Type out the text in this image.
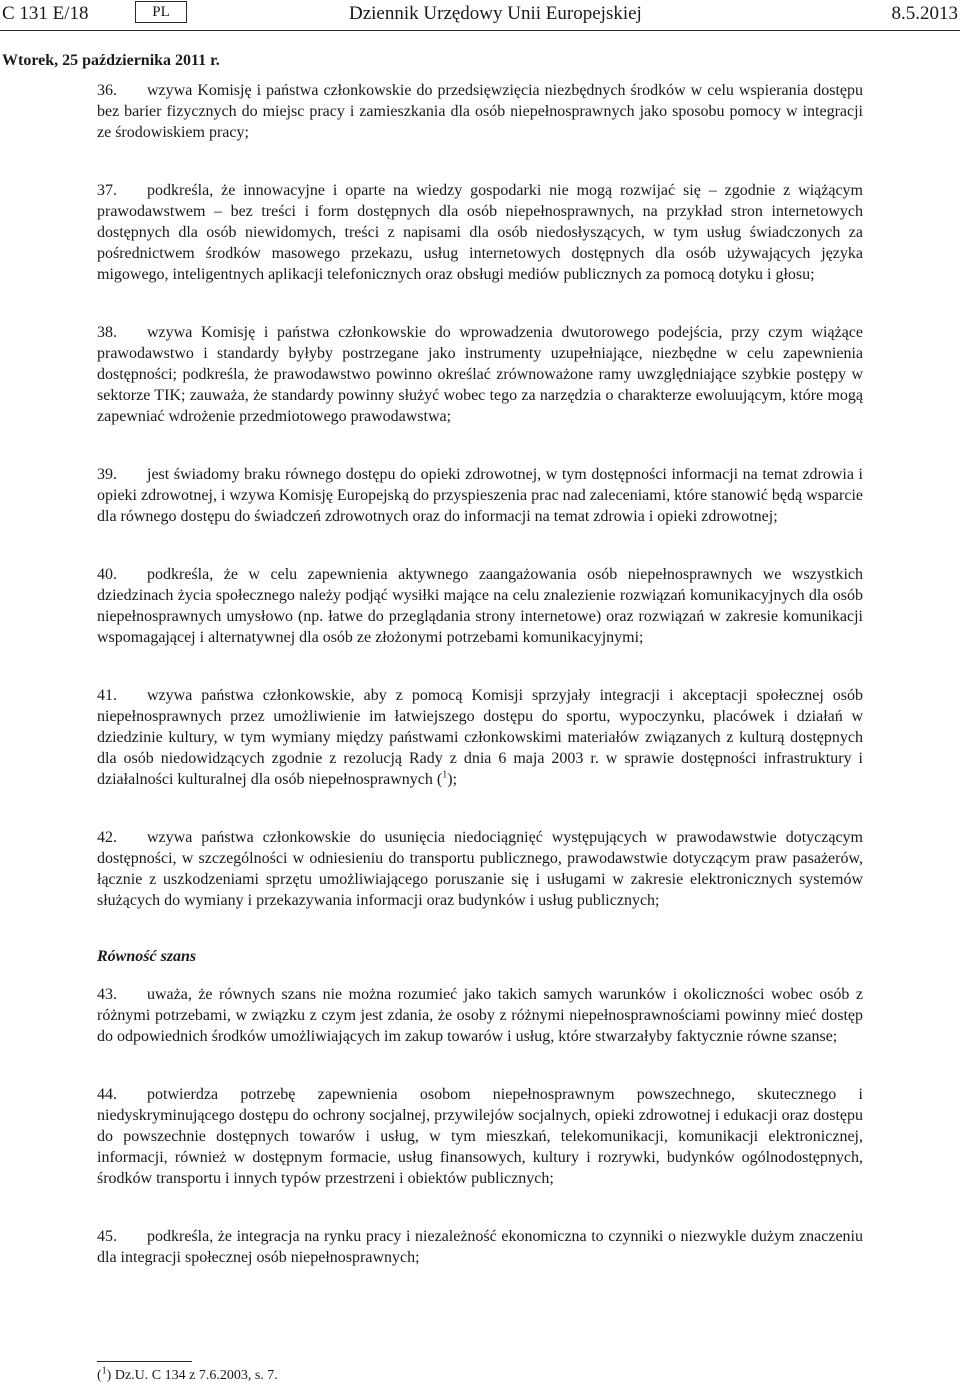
C 131 E/18	PL	Dziennik Urzędowy Unii Europejskiej	8.5.2013
Wtorek, 25 października 2011 r.

36. wzywa Komisję i państwa członkowskie do przedsięwzięcia niezbędnych środków w celu wspierania dostępu bez barier fizycznych do miejsc pracy i zamieszkania dla osób niepełnosprawnych jako sposobu pomocy w integracji ze środowiskiem pracy;

37. podkreśla, że innowacyjne i oparte na wiedzy gospodarki nie mogą rozwijać się – zgodnie z wiążącym prawodawstwem – bez treści i form dostępnych dla osób niepełnosprawnych, na przykład stron internetowych dostępnych dla osób niewidomych, treści z napisami dla osób niedosłyszących, w tym usług świadczonych za pośrednictwem środków masowego przekazu, usług internetowych dostępnych dla osób używających języka migowego, inteligentnych aplikacji telefonicznych oraz obsługi mediów publicznych za pomocą dotyku i głosu;

38. wzywa Komisję i państwa członkowskie do wprowadzenia dwutorowego podejścia, przy czym wiążące prawodawstwo i standardy byłyby postrzegane jako instrumenty uzupełniające, niezbędne w celu zapewnienia dostępności; podkreśla, że prawodawstwo powinno określać zrównoważone ramy uwzględniające szybkie postępy w sektorze TIK; zauważa, że standardy powinny służyć wobec tego za narzędzia o charakterze ewoluującym, które mogą zapewniać wdrożenie przedmiotowego prawodawstwa;

39. jest świadomy braku równego dostępu do opieki zdrowotnej, w tym dostępności informacji na temat zdrowia i opieki zdrowotnej, i wzywa Komisję Europejską do przyspieszenia prac nad zaleceniami, które stanowić będą wsparcie dla równego dostępu do świadczeń zdrowotnych oraz do informacji na temat zdrowia i opieki zdrowotnej;

40. podkreśla, że w celu zapewnienia aktywnego zaangażowania osób niepełnosprawnych we wszystkich dziedzinach życia społecznego należy podjąć wysiłki mające na celu znalezienie rozwiązań komunikacyjnych dla osób niepełnosprawnych umysłowo (np. łatwe do przeglądania strony internetowe) oraz rozwiązań w zakresie komunikacji wspomagającej i alternatywnej dla osób ze złożonymi potrzebami komunikacyjnymi;

41. wzywa państwa członkowskie, aby z pomocą Komisji sprzyjały integracji i akceptacji społecznej osób niepełnosprawnych przez umożliwienie im łatwiejszego dostępu do sportu, wypoczynku, placówek i działań w dziedzinie kultury, w tym wymiany między państwami członkowskimi materiałów związanych z kulturą dostępnych dla osób niedowidzących zgodnie z rezolucją Rady z dnia 6 maja 2003 r. w sprawie dostępności infrastruktury i działalności kulturalnej dla osób niepełnosprawnych ($^1$);

42. wzywa państwa członkowskie do usunięcia niedociągnięć występujących w prawodawstwie dotyczącym dostępności, w szczególności w odniesieniu do transportu publicznego, prawodawstwie dotyczącym praw pasażerów, łącznie z uszkodzeniami sprzętu umożliwiającego poruszanie się i usługami w zakresie elektronicznych systemów służących do wymiany i przekazywania informacji oraz budynków i usług publicznych;

Równość szans

43. uważa, że równych szans nie można rozumieć jako takich samych warunków i okoliczności wobec osób z różnymi potrzebami, w związku z czym jest zdania, że osoby z różnymi niepełnosprawnościami powinny mieć dostęp do odpowiednich środków umożliwiających im zakup towarów i usług, które stwarzałyby faktycznie równe szanse;

44. potwierdza potrzebę zapewnienia osobom niepełnosprawnym powszechnego, skutecznego i niedyskryminującego dostępu do ochrony socjalnej, przywilejów socjalnych, opieki zdrowotnej i edukacji oraz dostępu do powszechnie dostępnych towarów i usług, w tym mieszkań, telekomunikacji, komunikacji elektronicznej, informacji, również w dostępnym formacie, usług finansowych, kultury i rozrywki, budynków ogólnodostępnych, środków transportu i innych typów przestrzeni i obiektów publicznych;

45. podkreśla, że integracja na rynku pracy i niezależność ekonomiczna to czynniki o niezwykle dużym znaczeniu dla integracji społecznej osób niepełnosprawnych;

($^1$) Dz.U. C 134 z 7.6.2003, s. 7.
